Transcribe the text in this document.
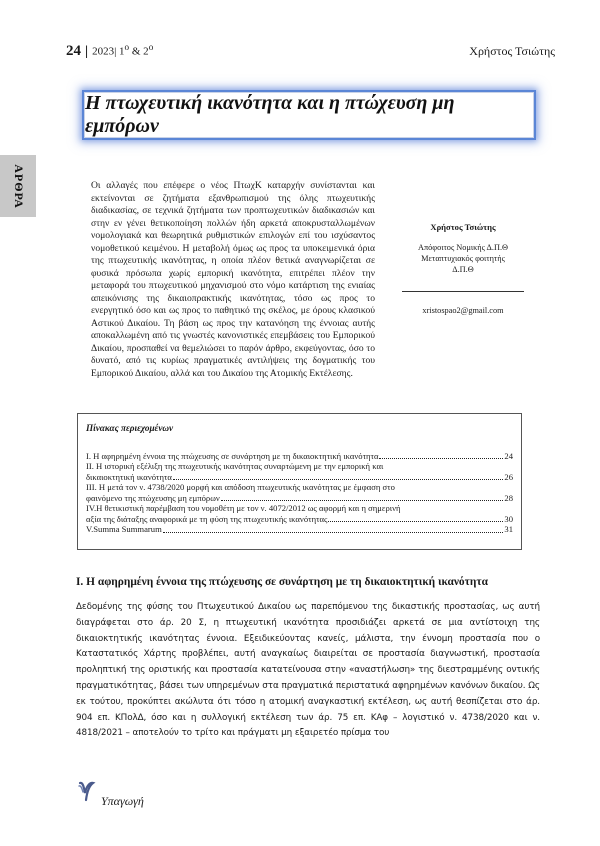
24 | 2023| $1^o$ & $2^o$	Χρήστος Τσιώτης
Η πτωχευτική ικανότητα και η πτώχευση μη εμπόρων
ΑΡΘΡΑ	Οι αλλαγές που επέφερε ο νέος ΠτωχΚ καταρχήν συνίστανται και εκτείνονται σε ζητήματα εξανθρωπισμού της όλης πτωχευτικής διαδικασίας, σε τεχνικά ζητήματα των προπτωχευτικών διαδικασιών και στην εν γένει θετικοποίηση πολλών ήδη αρκετά αποκρυσταλλωμένων νομολογιακά και θεωρητικά ρυθμιστικών επιλογών επί του ισχύσαντος νομοθετικού κειμένου. Η μεταβολή όμως ως προς τα υποκειμενικά όρια της πτωχευτικής ικανότητας, η οποία πλέον θετικά αναγνωρίζεται σε φυσικά πρόσωπα χωρίς εμπορική ικανότητα, επιτρέπει πλέον την μεταφορά του πτωχευτικού μηχανισμού στο νόμο κατάρτιση της ενιαίας απεικόνισης της δικαιοπρακτικής ικανότητας, τόσο ως προς το ενεργητικό όσο και ως προς το παθητικό της σκέλος, με όρους κλασικού Αστικού Δικαίου. Τη βάση ως προς την κατανόηση της έννοιας αυτής αποκαλλωμένη από τις γνωστές κανονιστικές επεμβάσεις του Εμπορικού Δικαίου, προσπαθεί να θεμελιώσει το παρόν άρθρο, εκφεύγοντας, όσο το δυνατό, από τις κυρίως πραγματικές αντιλήψεις της δογματικής του Εμπορικού Δικαίου, αλλά και του Δικαίου της Ατομικής Εκτέλεσης.
Χρήστος Τσιώτης
Απόφοιτος Νομικής Δ.Π.Θ
Μεταπτυχιακός φοιτητής
Δ.Π.Θ
xristospao2@gmail.com
Πίνακας περιεχομένων
I. Η αφηρημένη έννοια της πτώχευσης σε συνάρτηση με τη δικαιοκτητική ικανότητα	24
II. Η ιστορική εξέλιξη της πτωχευτικής ικανότητας συναρτώμενη με την εμπορική και
δικαιοκτητική ικανότητα	26
III. Η μετά τον ν. 4738/2020 μορφή και απόδοση πτωχευτικής ικανότητας με έμφαση στο
φαινόμενο της πτώχευσης μη εμπόρων	28
IV.Η θετικιστική παρέμβαση του νομοθέτη με τον ν. 4072/2012 ως αφορμή και η σημερινή
αξία της διάταξης αναφορικά με τη φύση της πτωχευτικής ικανότητας	30
V.Summa Summarum	31
Ι. Η αφηρημένη έννοια της πτώχευσης σε συνάρτηση με τη δικαιοκτητική ικανότητα
Δεδομένης της φύσης του Πτωχευτικού Δικαίου ως παρεπόμενου της δικαστικής προστασίας, ως αυτή διαγράφεται στο άρ. 20 Σ, η πτωχευτική ικανότητα προσιδιάζει αρκετά σε μια αντίστοιχη της δικαιοκτητικής ικανότητας έννοια. Εξειδικεύοντας κανείς, μάλιστα, την έννομη προστασία που ο Καταστατικός Χάρτης προβλέπει, αυτή αναγκαίως διαιρείται σε προστασία διαγνωστική, προστασία προληπτική της οριστικής και προστασία κατατείνουσα στην «αναστήλωση» της διεστραμμένης οντικής πραγματικότητας, βάσει των υπηρεμένων στα πραγματικά περιστατικά αφηρημένων κανόνων δικαίου. Ως εκ τούτου, προκύπτει ακώλυτα ότι τόσο η ατομική αναγκαστική εκτέλεση, ως αυτή θεσπίζεται στο άρ. 904 επ. ΚΠολΔ, όσο και η συλλογική εκτέλεση των άρ. 75 επ. ΚΑφ – λογιστικό ν. 4738/2020 και ν. 4818/2021 – αποτελούν το τρίτο και πράγματι μη εξαιρετέο πρίσμα του
Υπαγωγή
